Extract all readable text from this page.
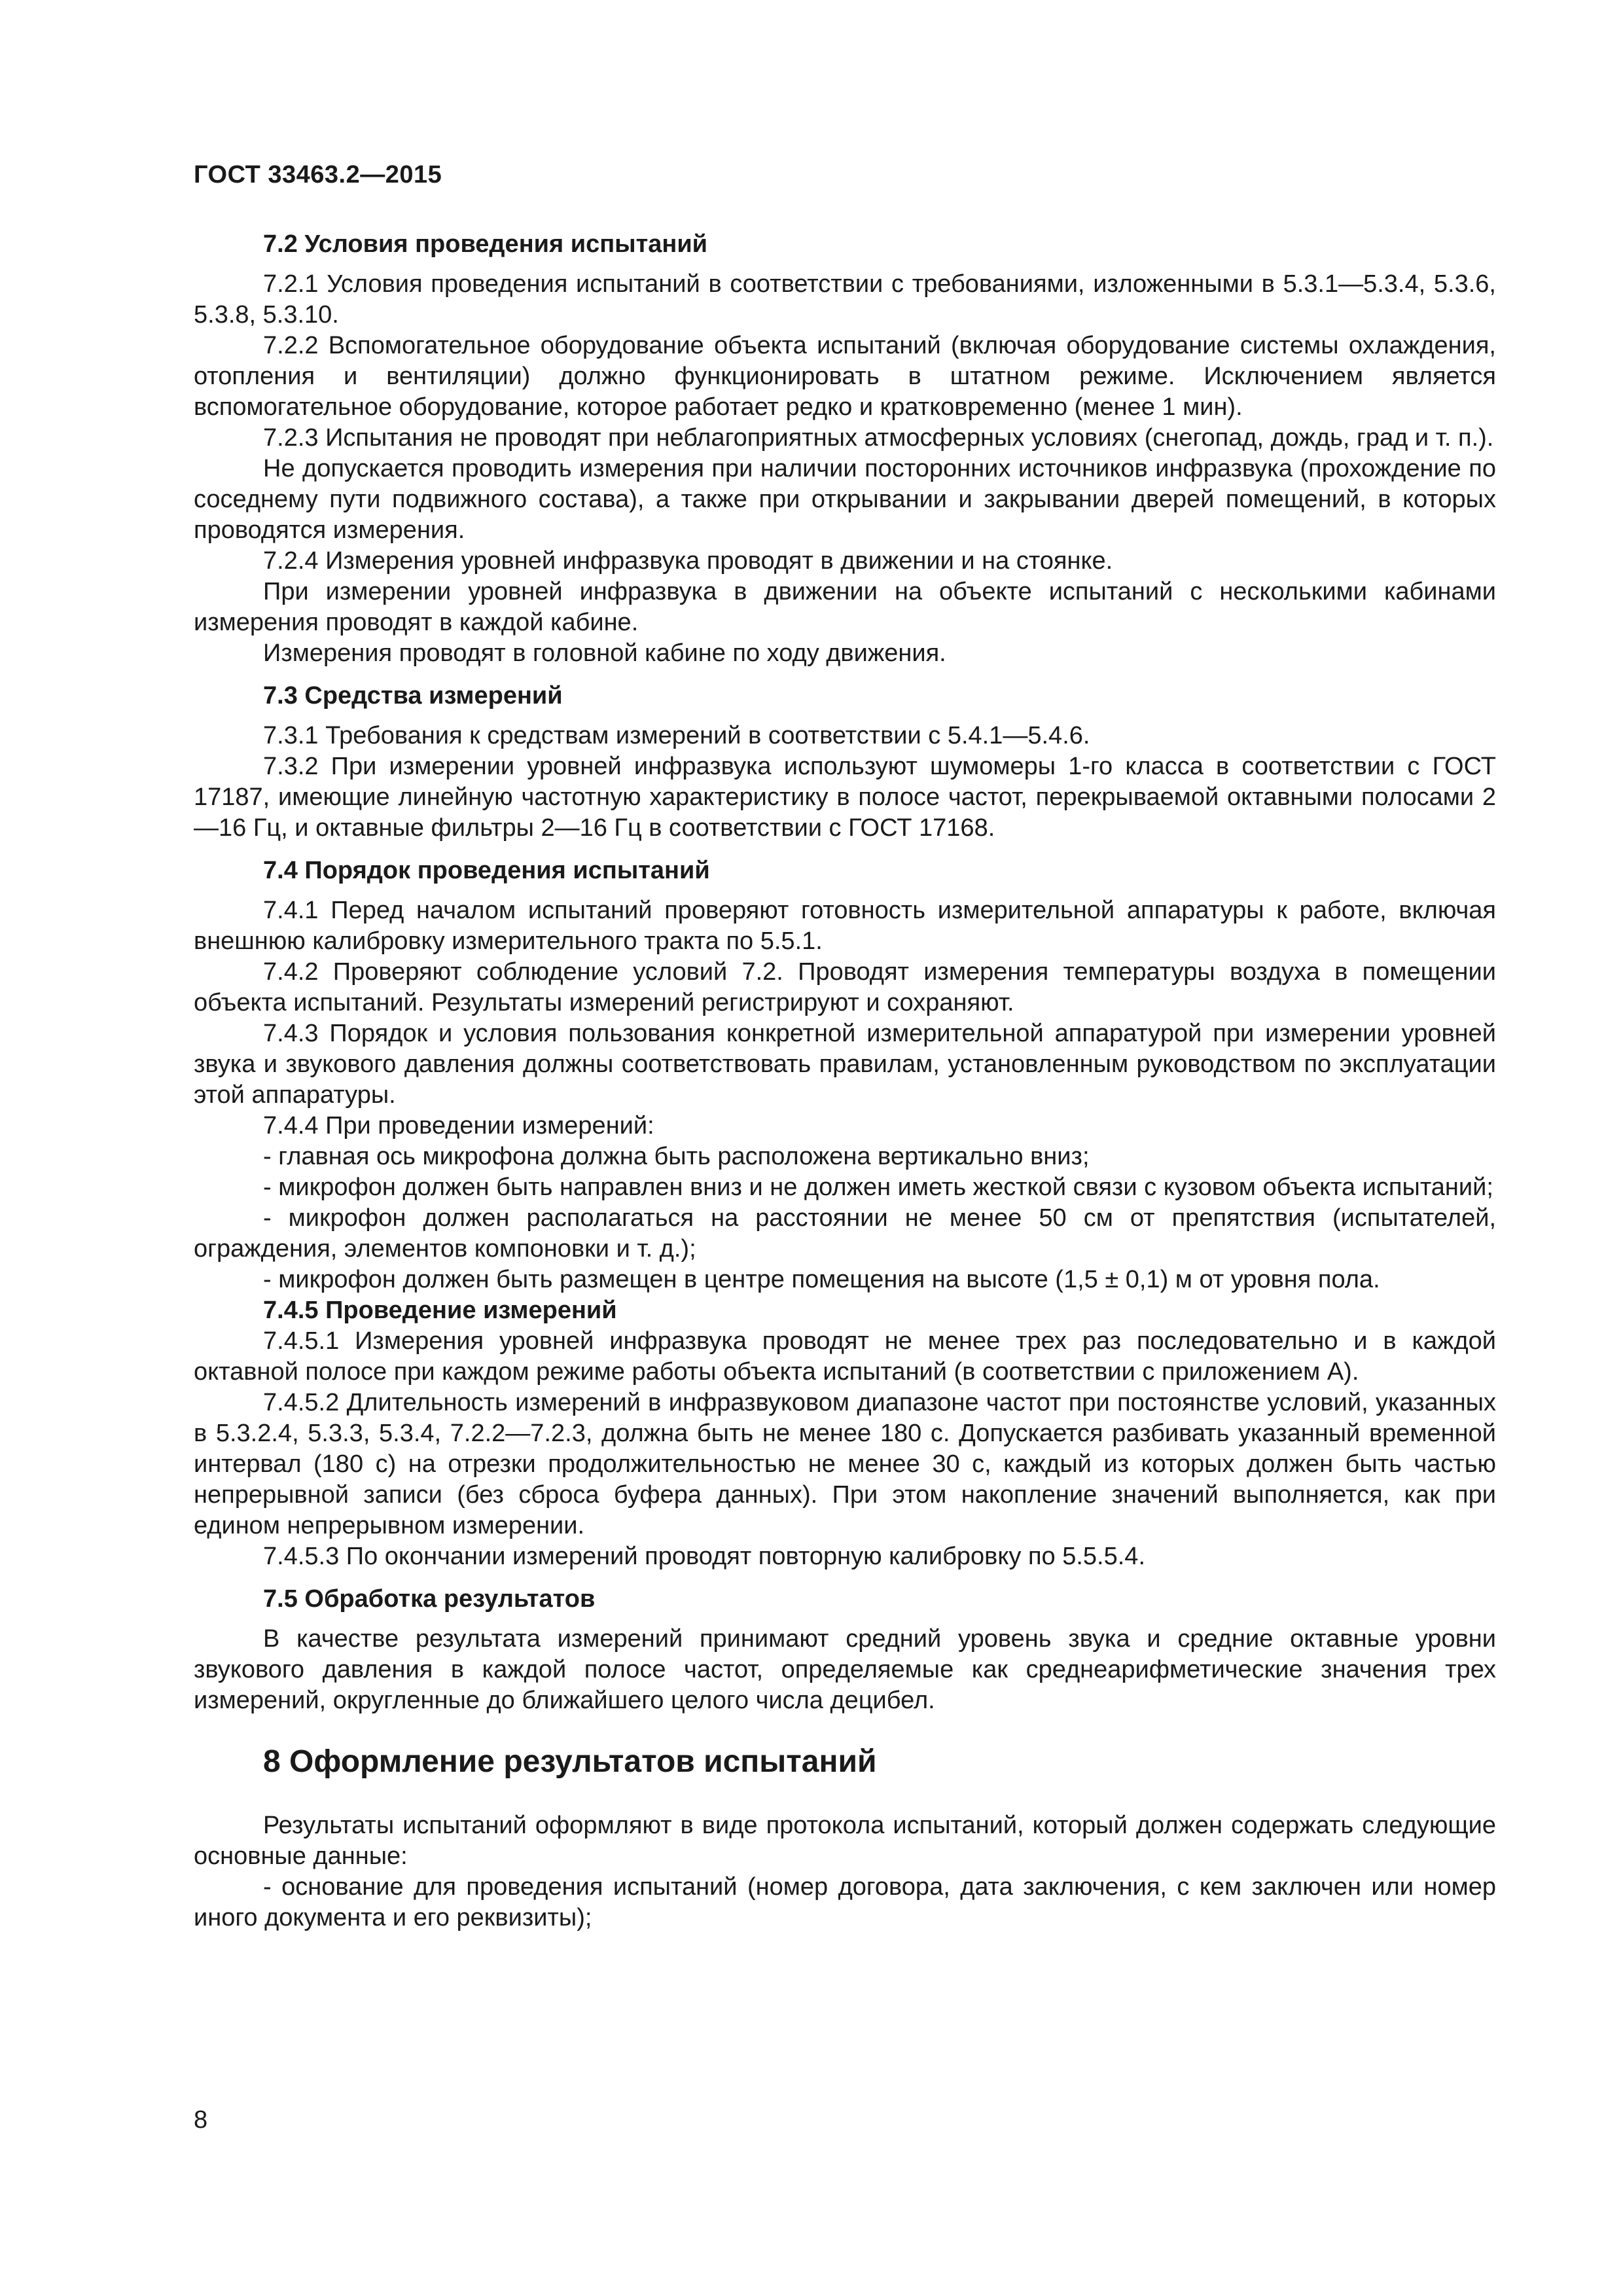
ГОСТ 33463.2—2015
7.2 Условия проведения испытаний

7.2.1 Условия проведения испытаний в соответствии с требованиями, изложенными в 5.3.1—5.3.4, 5.3.6, 5.3.8, 5.3.10.

7.2.2 Вспомогательное оборудование объекта испытаний (включая оборудование системы охлаждения, отопления и вентиляции) должно функционировать в штатном режиме. Исключением является вспомогательное оборудование, которое работает редко и кратковременно (менее 1 мин).

7.2.3 Испытания не проводят при неблагоприятных атмосферных условиях (снегопад, дождь, град и т. п.).

Не допускается проводить измерения при наличии посторонних источников инфразвука (прохождение по соседнему пути подвижного состава), а также при открывании и закрывании дверей помещений, в которых проводятся измерения.

7.2.4 Измерения уровней инфразвука проводят в движении и на стоянке.

При измерении уровней инфразвука в движении на объекте испытаний с несколькими кабинами измерения проводят в каждой кабине.

Измерения проводят в головной кабине по ходу движения.

7.3 Средства измерений

7.3.1 Требования к средствам измерений в соответствии с 5.4.1—5.4.6.

7.3.2 При измерении уровней инфразвука используют шумомеры 1-го класса в соответствии с ГОСТ 17187, имеющие линейную частотную характеристику в полосе частот, перекрываемой октавными полосами 2—16 Гц, и октавные фильтры 2—16 Гц в соответствии с ГОСТ 17168.

7.4 Порядок проведения испытаний

7.4.1 Перед началом испытаний проверяют готовность измерительной аппаратуры к работе, включая внешнюю калибровку измерительного тракта по 5.5.1.

7.4.2 Проверяют соблюдение условий 7.2. Проводят измерения температуры воздуха в помещении объекта испытаний. Результаты измерений регистрируют и сохраняют.

7.4.3 Порядок и условия пользования конкретной измерительной аппаратурой при измерении уровней звука и звукового давления должны соответствовать правилам, установленным руководством по эксплуатации этой аппаратуры.

7.4.4 При проведении измерений:

- главная ось микрофона должна быть расположена вертикально вниз;

- микрофон должен быть направлен вниз и не должен иметь жесткой связи с кузовом объекта испытаний;

- микрофон должен располагаться на расстоянии не менее 50 см от препятствия (испытателей, ограждения, элементов компоновки и т. д.);

- микрофон должен быть размещен в центре помещения на высоте (1,5 ± 0,1) м от уровня пола.

7.4.5 Проведение измерений

7.4.5.1 Измерения уровней инфразвука проводят не менее трех раз последовательно и в каждой октавной полосе при каждом режиме работы объекта испытаний (в соответствии с приложением А).

7.4.5.2 Длительность измерений в инфразвуковом диапазоне частот при постоянстве условий, указанных в 5.3.2.4, 5.3.3, 5.3.4, 7.2.2—7.2.3, должна быть не менее 180 с. Допускается разбивать указанный временной интервал (180 с) на отрезки продолжительностью не менее 30 с, каждый из которых должен быть частью непрерывной записи (без сброса буфера данных). При этом накопление значений выполняется, как при едином непрерывном измерении.

7.4.5.3 По окончании измерений проводят повторную калибровку по 5.5.5.4.

7.5 Обработка результатов

В качестве результата измерений принимают средний уровень звука и средние октавные уровни звукового давления в каждой полосе частот, определяемые как среднеарифметические значения трех измерений, округленные до ближайшего целого числа децибел.

8 Оформление результатов испытаний

Результаты испытаний оформляют в виде протокола испытаний, который должен содержать следующие основные данные:

- основание для проведения испытаний (номер договора, дата заключения, с кем заключен или номер иного документа и его реквизиты);

8
